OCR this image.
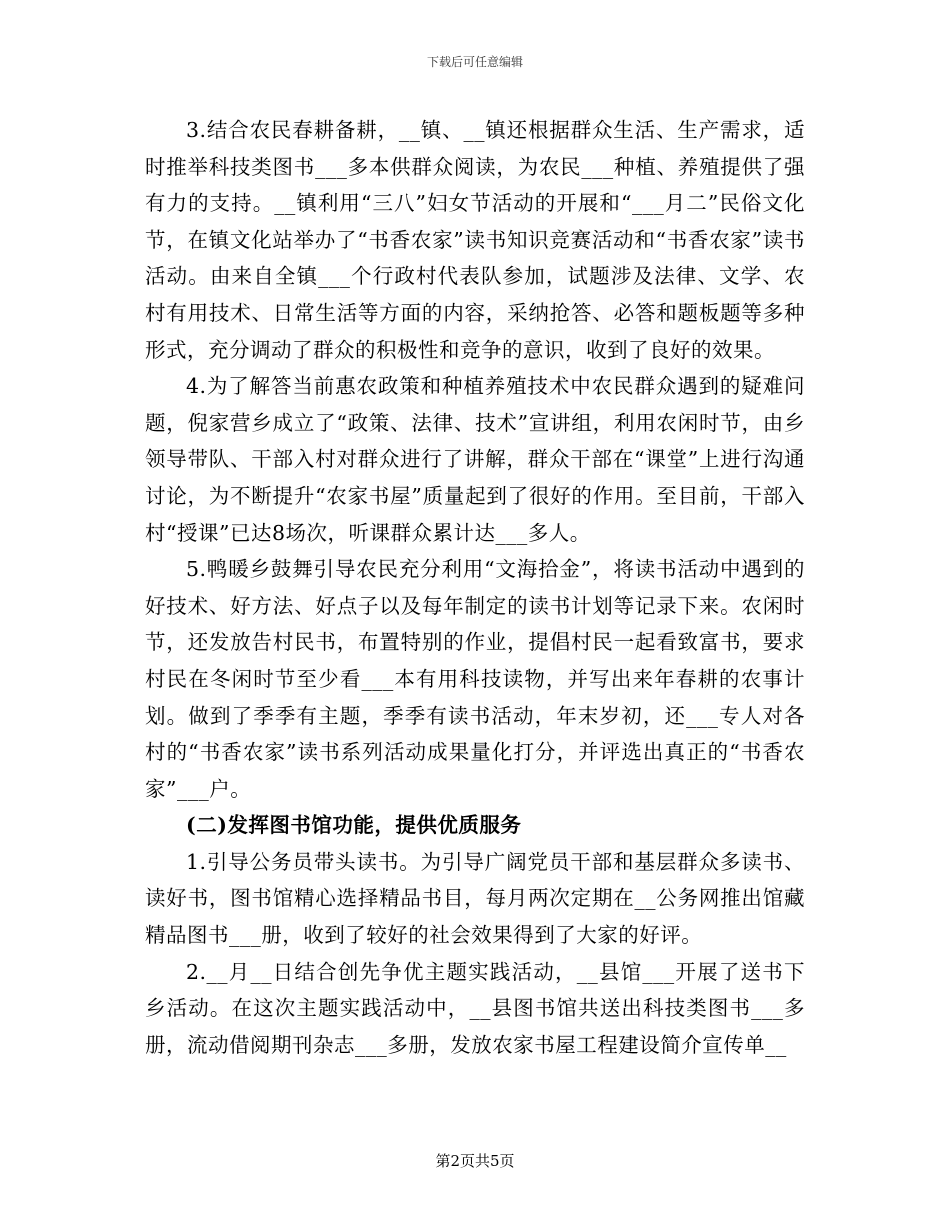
下载后可任意编辑

3.结合农民春耕备耕，__镇、__镇还根据群众生活、生产需求，适时推举科技类图书___多本供群众阅读，为农民___种植、养殖提供了强有力的支持。__镇利用“三八”妇女节活动的开展和“___月二”民俗文化节，在镇文化站举办了“书香农家”读书知识竞赛活动和“书香农家”读书活动。由来自全镇___个行政村代表队参加，试题涉及法律、文学、农村有用技术、日常生活等方面的内容，采纳抢答、必答和题板题等多种形式，充分调动了群众的积极性和竞争的意识，收到了良好的效果。

4.为了解答当前惠农政策和种植养殖技术中农民群众遇到的疑难问题，倪家营乡成立了“政策、法律、技术”宣讲组，利用农闲时节，由乡领导带队、干部入村对群众进行了讲解，群众干部在“课堂”上进行沟通讨论，为不断提升“农家书屋”质量起到了很好的作用。至目前，干部入村“授课”已达8场次，听课群众累计达___多人。

5.鸭暖乡鼓舞引导农民充分利用“文海拾金”，将读书活动中遇到的好技术、好方法、好点子以及每年制定的读书计划等记录下来。农闲时节，还发放告村民书，布置特别的作业，提倡村民一起看致富书，要求村民在冬闲时节至少看___本有用科技读物，并写出来年春耕的农事计划。做到了季季有主题，季季有读书活动，年末岁初，还___专人对各村的“书香农家”读书系列活动成果量化打分，并评选出真正的“书香农家”___户。

(二)发挥图书馆功能，提供优质服务

1.引导公务员带头读书。为引导广阔党员干部和基层群众多读书、读好书，图书馆精心选择精品书目，每月两次定期在__公务网推出馆藏精品图书___册，收到了较好的社会效果得到了大家的好评。

2.__月__日结合创先争优主题实践活动，__县馆___开展了送书下乡活动。在这次主题实践活动中，__县图书馆共送出科技类图书___多册，流动借阅期刊杂志___多册，发放农家书屋工程建设简介宣传单__

第2页共5页
